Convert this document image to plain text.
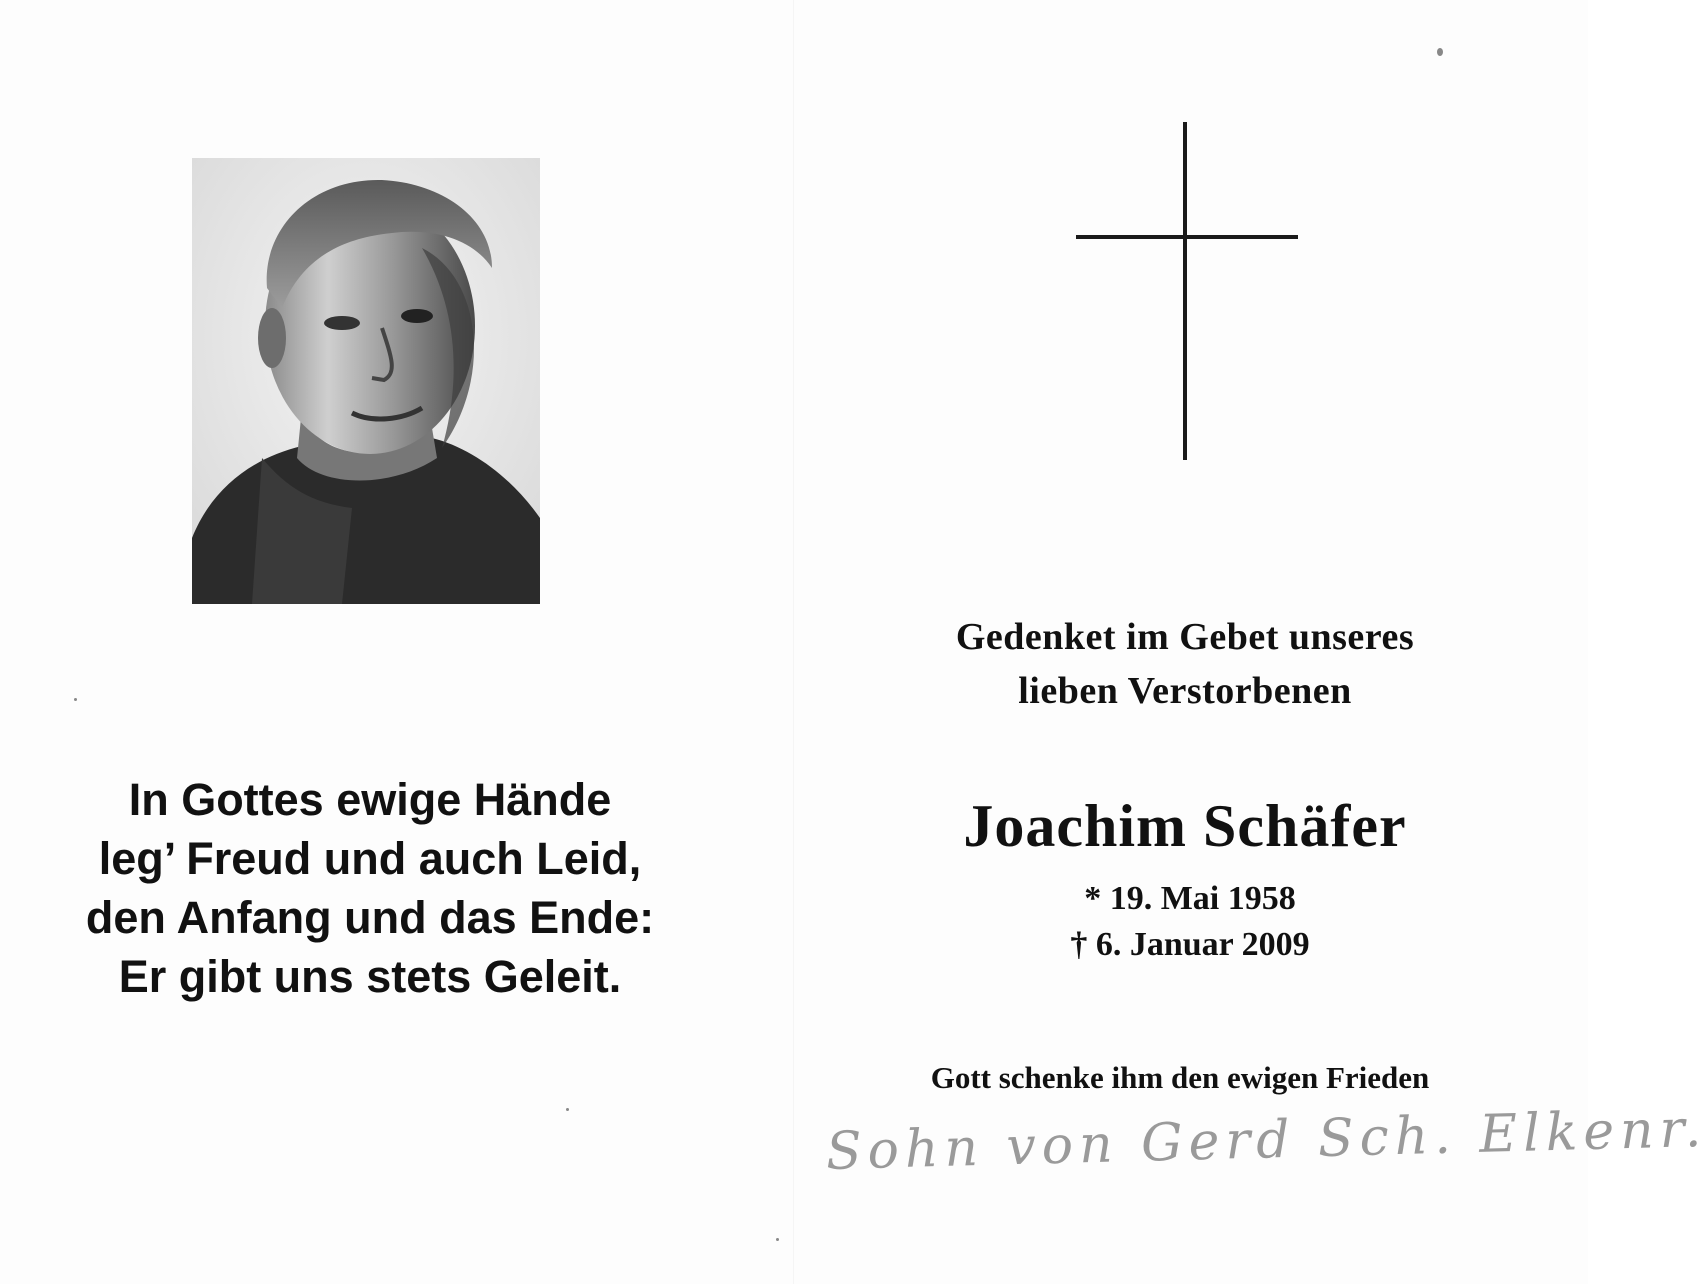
In Gottes ewige Hände
leg’ Freud und auch Leid,
den Anfang und das Ende:
Er gibt uns stets Geleit.
Gedenket im Gebet unseres
lieben Verstorbenen
Joachim Schäfer
* 19. Mai 1958
† 6. Januar 2009
Gott schenke ihm den ewigen Frieden
Sohn von Gerd Sch. Elkenr.
